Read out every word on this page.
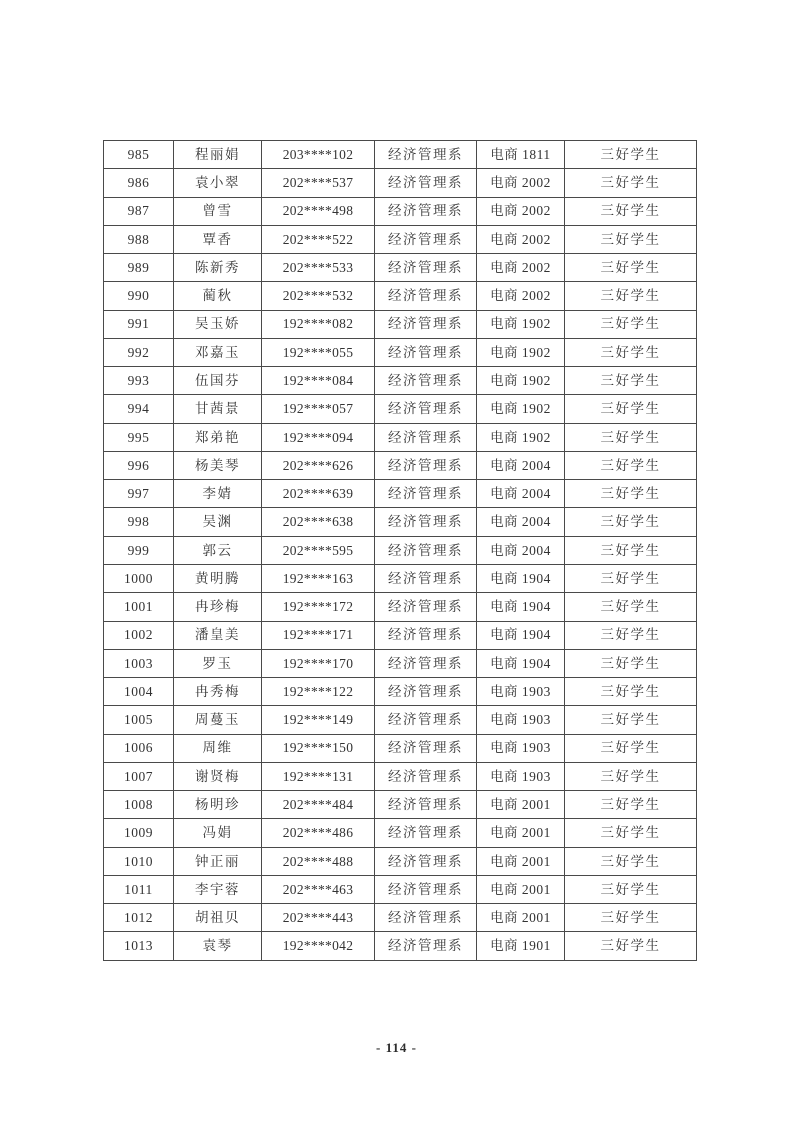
985	程丽娟	203****102	经济管理系	电商 1811	三好学生
986	袁小翠	202****537	经济管理系	电商 2002	三好学生
987	曾雪	202****498	经济管理系	电商 2002	三好学生
988	覃香	202****522	经济管理系	电商 2002	三好学生
989	陈新秀	202****533	经济管理系	电商 2002	三好学生
990	蔺秋	202****532	经济管理系	电商 2002	三好学生
991	吴玉娇	192****082	经济管理系	电商 1902	三好学生
992	邓嘉玉	192****055	经济管理系	电商 1902	三好学生
993	伍国芬	192****084	经济管理系	电商 1902	三好学生
994	甘茜景	192****057	经济管理系	电商 1902	三好学生
995	郑弟艳	192****094	经济管理系	电商 1902	三好学生
996	杨美琴	202****626	经济管理系	电商 2004	三好学生
997	李婧	202****639	经济管理系	电商 2004	三好学生
998	吴渊	202****638	经济管理系	电商 2004	三好学生
999	郭云	202****595	经济管理系	电商 2004	三好学生
1000	黄明腾	192****163	经济管理系	电商 1904	三好学生
1001	冉珍梅	192****172	经济管理系	电商 1904	三好学生
1002	潘皇美	192****171	经济管理系	电商 1904	三好学生
1003	罗玉	192****170	经济管理系	电商 1904	三好学生
1004	冉秀梅	192****122	经济管理系	电商 1903	三好学生
1005	周蔓玉	192****149	经济管理系	电商 1903	三好学生
1006	周维	192****150	经济管理系	电商 1903	三好学生
1007	谢贤梅	192****131	经济管理系	电商 1903	三好学生
1008	杨明珍	202****484	经济管理系	电商 2001	三好学生
1009	冯娟	202****486	经济管理系	电商 2001	三好学生
1010	钟正丽	202****488	经济管理系	电商 2001	三好学生
1011	李宇蓉	202****463	经济管理系	电商 2001	三好学生
1012	胡祖贝	202****443	经济管理系	电商 2001	三好学生
1013	袁琴	192****042	经济管理系	电商 1901	三好学生
- 114 -
